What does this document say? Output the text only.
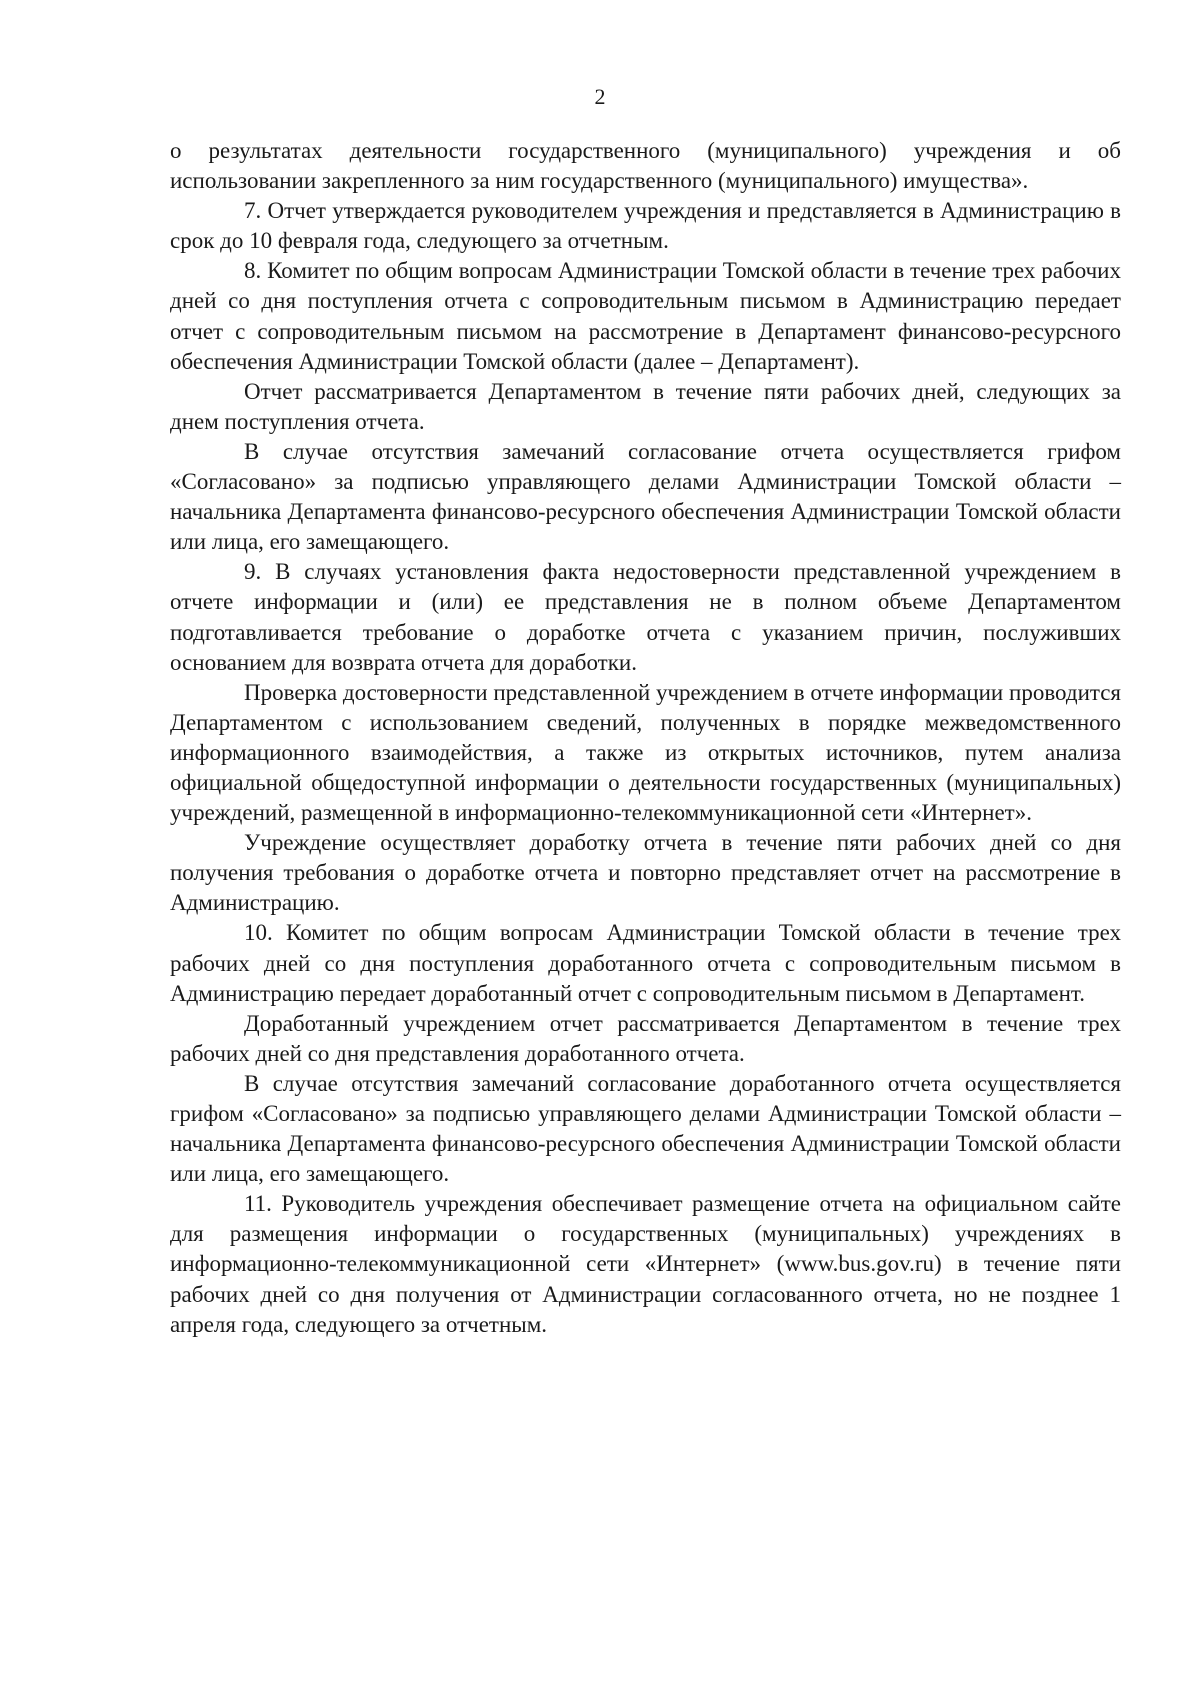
2

о результатах деятельности государственного (муниципального) учреждения и об использовании закрепленного за ним государственного (муниципального) имущества».

7. Отчет утверждается руководителем учреждения и представляется в Администрацию в срок до 10 февраля года, следующего за отчетным.

8. Комитет по общим вопросам Администрации Томской области в течение трех рабочих дней со дня поступления отчета с сопроводительным письмом в Администрацию передает отчет с сопроводительным письмом на рассмотрение в Департамент финансово-ресурсного обеспечения Администрации Томской области (далее – Департамент).

Отчет рассматривается Департаментом в течение пяти рабочих дней, следующих за днем поступления отчета.

В случае отсутствия замечаний согласование отчета осуществляется грифом «Согласовано» за подписью управляющего делами Администрации Томской области – начальника Департамента финансово-ресурсного обеспечения Администрации Томской области или лица, его замещающего.

9. В случаях установления факта недостоверности представленной учреждением в отчете информации и (или) ее представления не в полном объеме Департаментом подготавливается требование о доработке отчета с указанием причин, послуживших основанием для возврата отчета для доработки.

Проверка достоверности представленной учреждением в отчете информации проводится Департаментом с использованием сведений, полученных в порядке межведомственного информационного взаимодействия, а также из открытых источников, путем анализа официальной общедоступной информации о деятельности государственных (муниципальных) учреждений, размещенной в информационно-телекоммуникационной сети «Интернет».

Учреждение осуществляет доработку отчета в течение пяти рабочих дней со дня получения требования о доработке отчета и повторно представляет отчет на рассмотрение в Администрацию.

10. Комитет по общим вопросам Администрации Томской области в течение трех рабочих дней со дня поступления доработанного отчета с сопроводительным письмом в Администрацию передает доработанный отчет с сопроводительным письмом в Департамент.

Доработанный учреждением отчет рассматривается Департаментом в течение трех рабочих дней со дня представления доработанного отчета.

В случае отсутствия замечаний согласование доработанного отчета осуществляется грифом «Согласовано» за подписью управляющего делами Администрации Томской области – начальника Департамента финансово-ресурсного обеспечения Администрации Томской области или лица, его замещающего.

11. Руководитель учреждения обеспечивает размещение отчета на официальном сайте для размещения информации о государственных (муниципальных) учреждениях в информационно-телекоммуникационной сети «Интернет» (www.bus.gov.ru) в течение пяти рабочих дней со дня получения от Администрации согласованного отчета, но не позднее 1 апреля года, следующего за отчетным.
